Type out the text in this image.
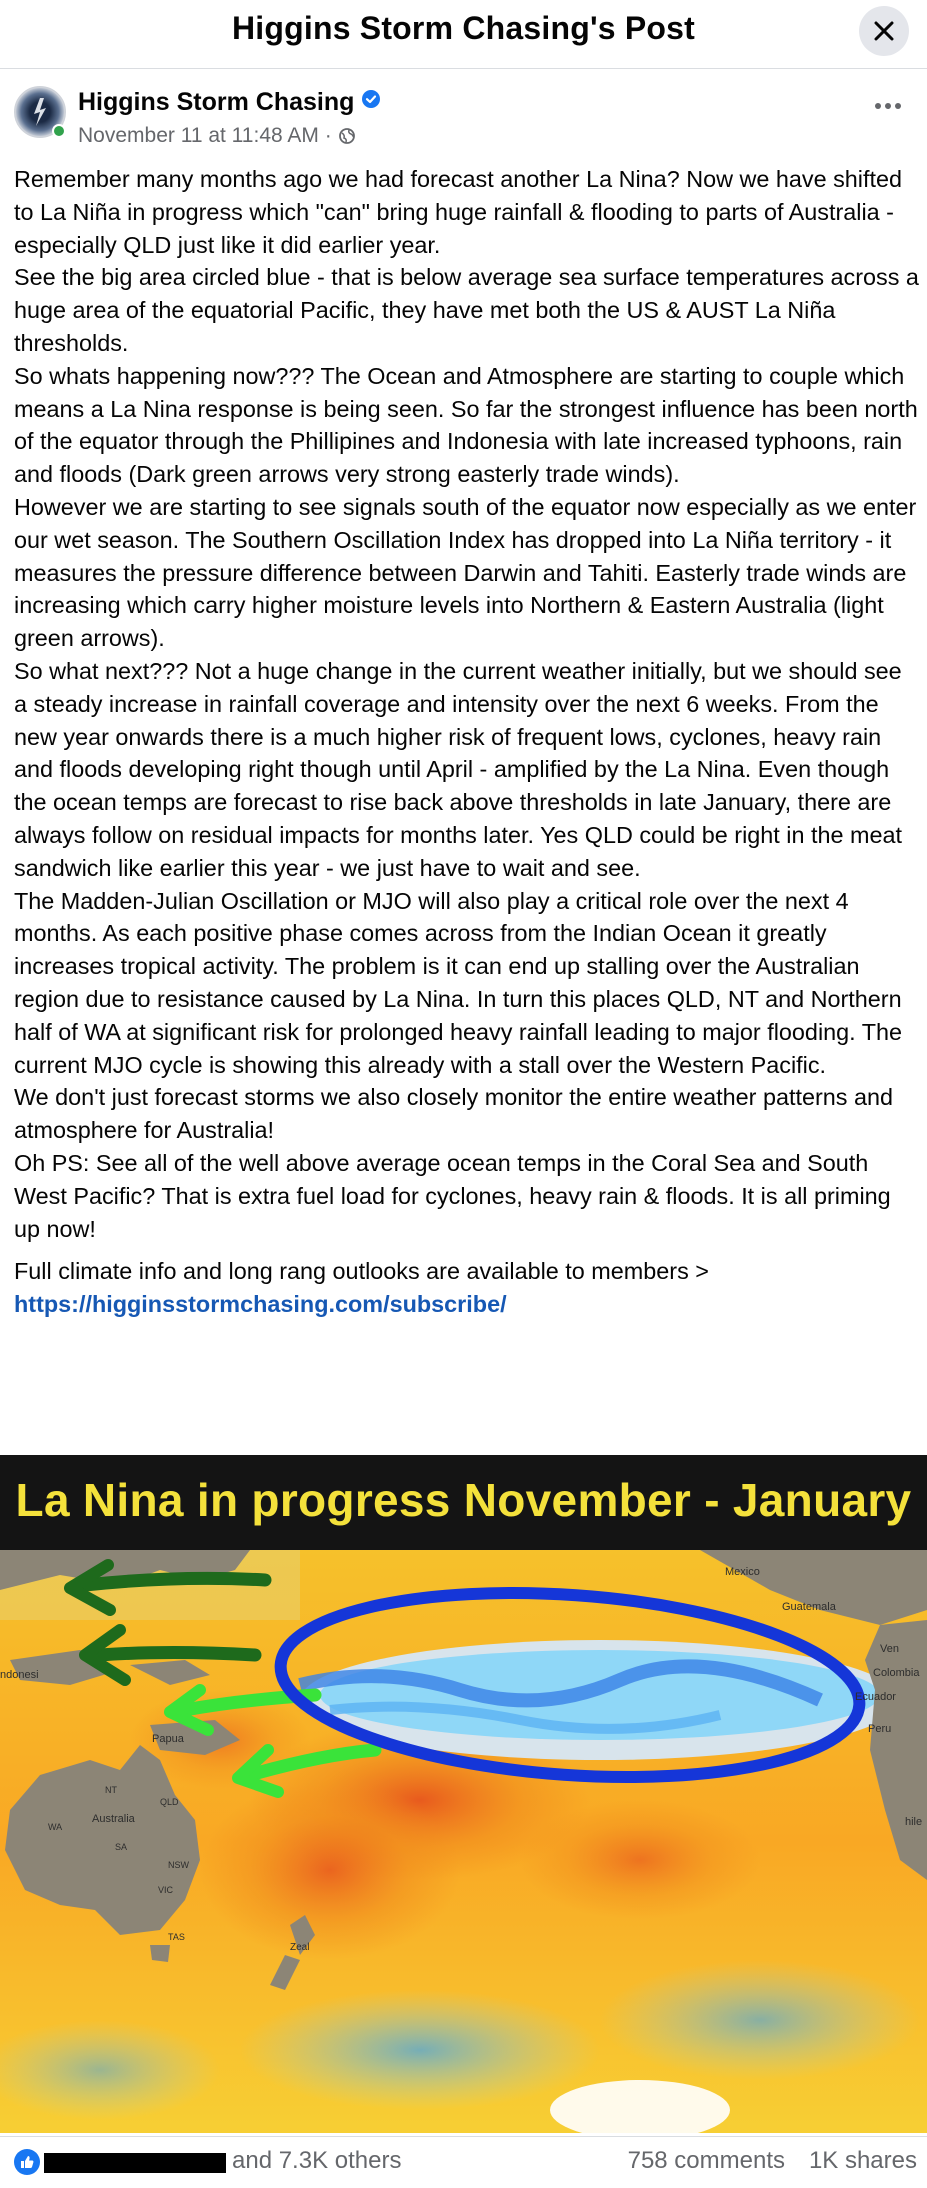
Higgins Storm Chasing's Post
Higgins Storm Chasing
November 11 at 11:48 AM ·

Remember many months ago we had forecast another La Nina? Now we have shifted to La Niña in progress which "can" bring huge rainfall & flooding to parts of Australia - especially QLD just like it did earlier year.

See the big area circled blue - that is below average sea surface temperatures across a huge area of the equatorial Pacific, they have met both the US & AUST La Niña thresholds.

So whats happening now??? The Ocean and Atmosphere are starting to couple which means a La Nina response is being seen. So far the strongest influence has been north of the equator through the Phillipines and Indonesia with late increased typhoons, rain and floods (Dark green arrows very strong easterly trade winds).

However we are starting to see signals south of the equator now especially as we enter our wet season. The Southern Oscillation Index has dropped into La Niña territory - it measures the pressure difference between Darwin and Tahiti. Easterly trade winds are increasing which carry higher moisture levels into Northern & Eastern Australia (light green arrows).

So what next??? Not a huge change in the current weather initially, but we should see a steady increase in rainfall coverage and intensity over the next 6 weeks. From the new year onwards there is a much higher risk of frequent lows, cyclones, heavy rain and floods developing right though until April - amplified by the La Nina. Even though the ocean temps are forecast to rise back above thresholds in late January, there are always follow on residual impacts for months later. Yes QLD could be right in the meat sandwich like earlier this year - we just have to wait and see.

The Madden-Julian Oscillation or MJO will also play a critical role over the next 4 months. As each positive phase comes across from the Indian Ocean it greatly increases tropical activity. The problem is it can end up stalling over the Australian region due to resistance caused by La Nina. In turn this places QLD, NT and Northern half of WA at significant risk for prolonged heavy rainfall leading to major flooding. The current MJO cycle is showing this already with a stall over the Western Pacific.

We don't just forecast storms we also closely monitor the entire weather patterns and atmosphere for Australia!

Oh PS: See all of the well above average ocean temps in the Coral Sea and South West Pacific? That is extra fuel load for cyclones, heavy rain & floods. It is all priming up now!

Full climate info and long rang outlooks are available to members >
https://higginsstormchasing.com/subscribe/
La Nina in progress November - January
Mexico
Guatemala
Ven
Colombia
Ecuador
Peru
hile
ndonesi
Papua
Australia
NT
QLD
WA
SA
NSW
VIC
TAS
Zeal
and 7.3K others	758 comments 1K shares
